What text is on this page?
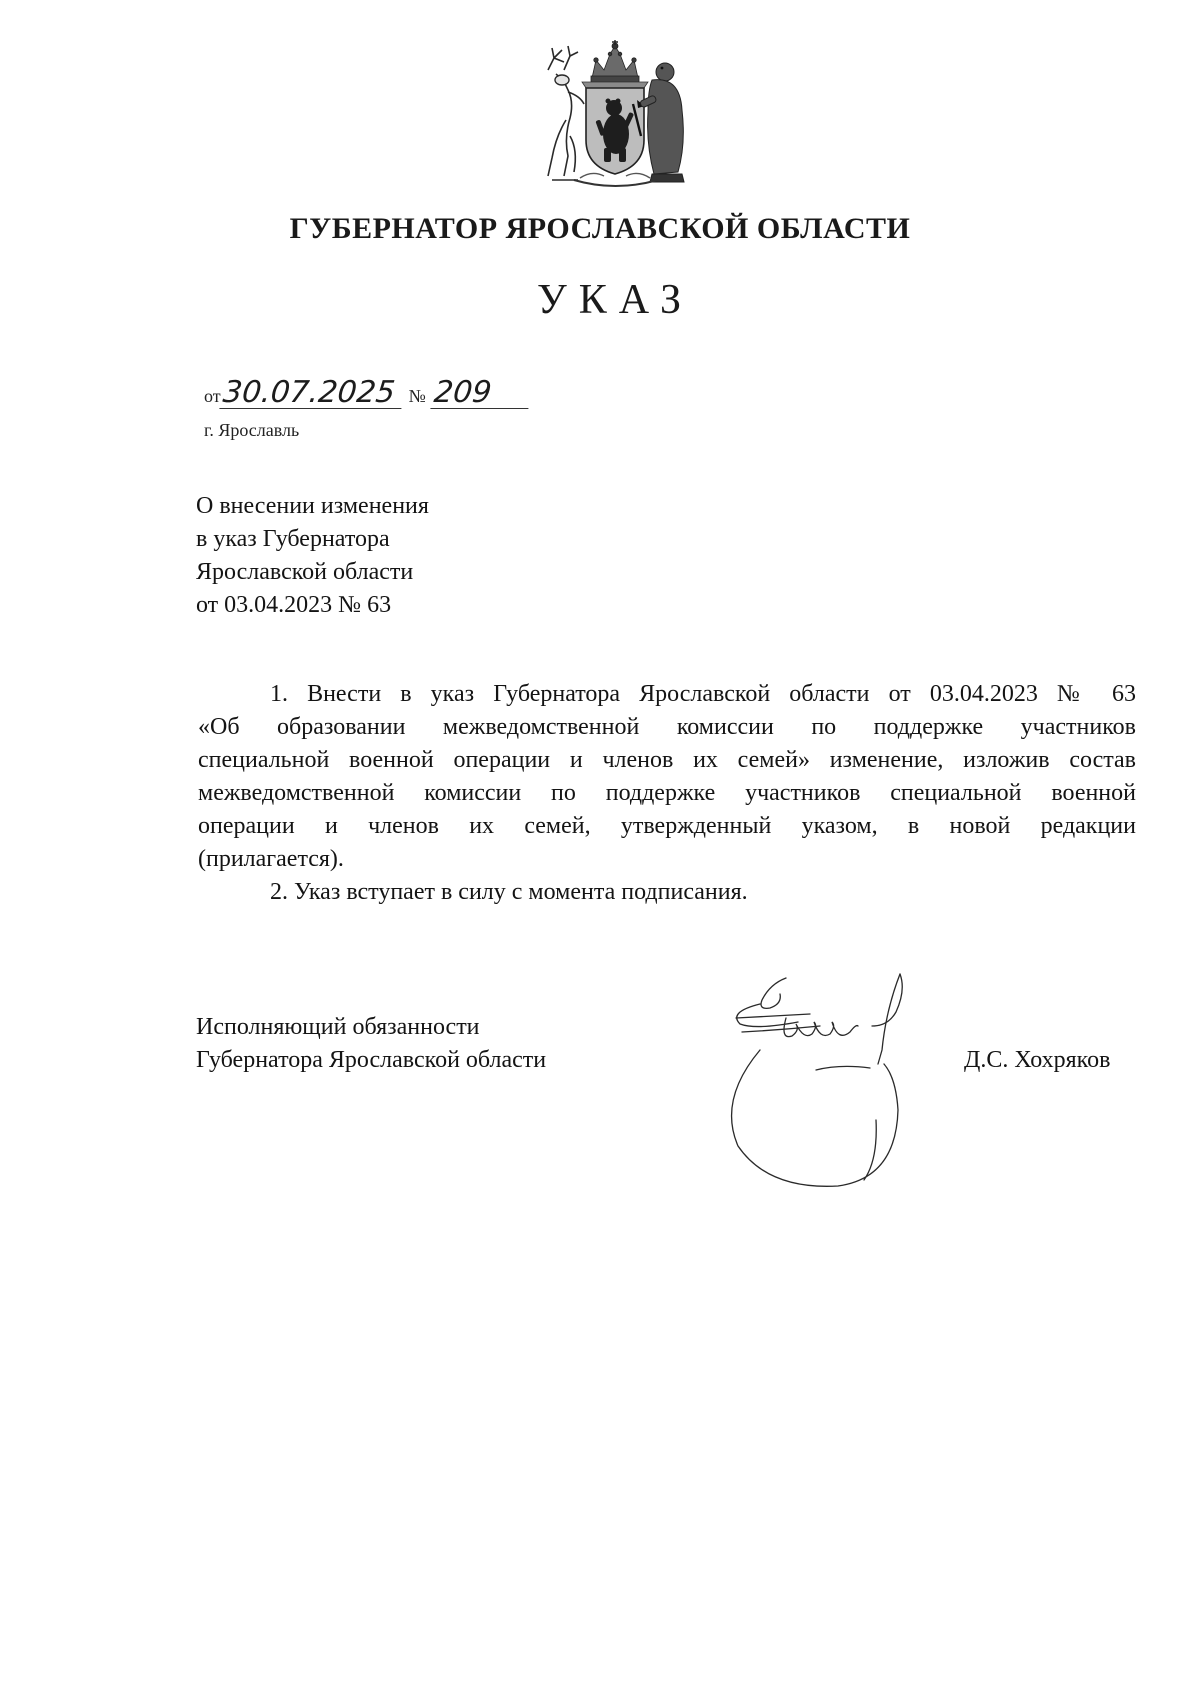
ГУБЕРНАТОР ЯРОСЛАВСКОЙ ОБЛАСТИ
УКАЗ
от30.07.2025 № 209
г. Ярославль
О внесении изменения
в указ Губернатора
Ярославской области
от 03.04.2023 № 63
1. Внести в указ Губернатора Ярославской области от 03.04.2023 № 63
«Об образовании межведомственной комиссии по поддержке участников
специальной военной операции и членов их семей» изменение, изложив состав
межведомственной комиссии по поддержке участников специальной военной
операции и членов их семей, утвержденный указом, в новой редакции
(прилагается).
2. Указ вступает в силу с момента подписания.
Исполняющий обязанности
Губернатора Ярославской области	Д.С. Хохряков
